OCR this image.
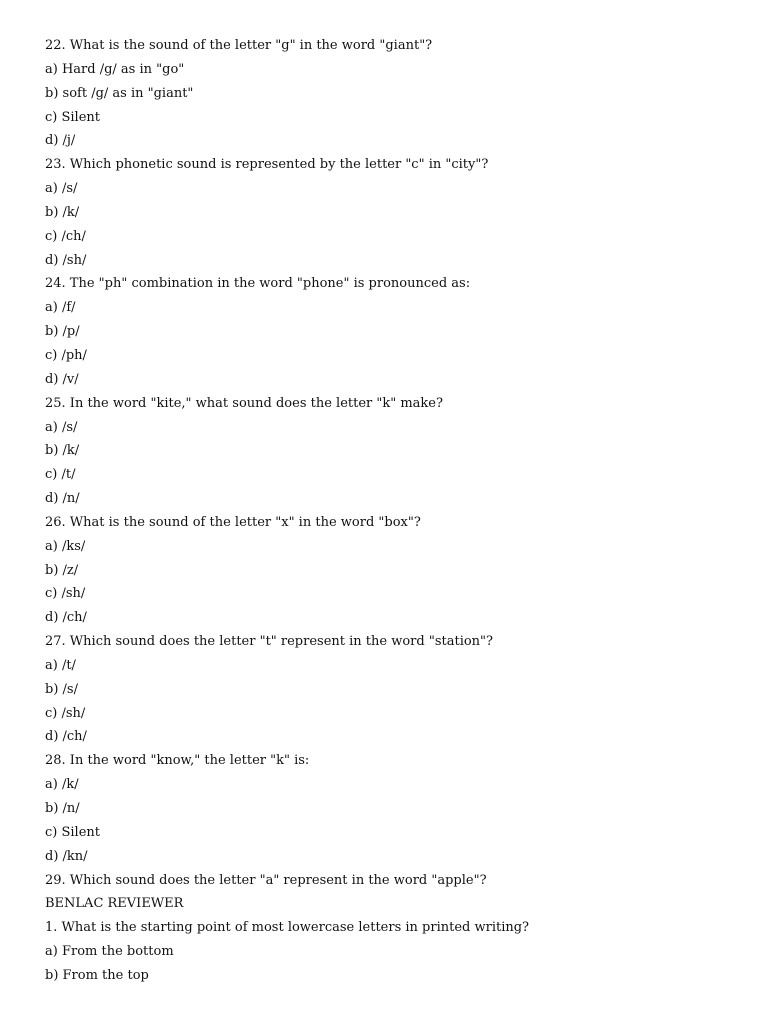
22. What is the sound of the letter "g" in the word "giant"?
a) Hard /g/ as in "go"
b) soft /g/ as in "giant"
c) Silent
d) /j/
23. Which phonetic sound is represented by the letter "c" in "city"?
a) /s/
b) /k/
c) /ch/
d) /sh/
24. The "ph" combination in the word "phone" is pronounced as:
a) /f/
b) /p/
c) /ph/
d) /v/
25. In the word "kite," what sound does the letter "k" make?
a) /s/
b) /k/
c) /t/
d) /n/
26. What is the sound of the letter "x" in the word "box"?
a) /ks/
b) /z/
c) /sh/
d) /ch/
27. Which sound does the letter "t" represent in the word "station"?
a) /t/
b) /s/
c) /sh/
d) /ch/
28. In the word "know," the letter "k" is:
a) /k/
b) /n/
c) Silent
d) /kn/
29. Which sound does the letter "a" represent in the word "apple"?
BENLAC REVIEWER
1. What is the starting point of most lowercase letters in printed writing?
a) From the bottom
b) From the top
